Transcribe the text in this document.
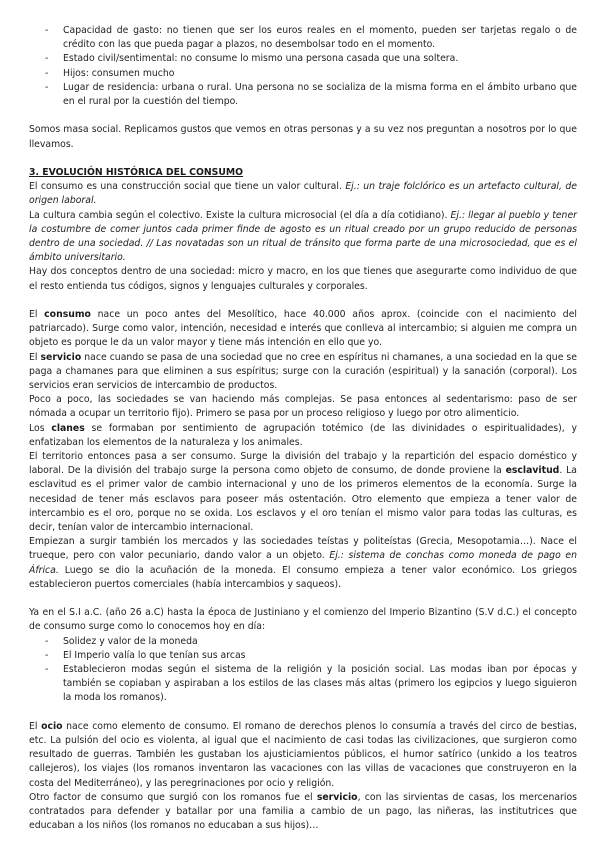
- Capacidad de gasto: no tienen que ser los euros reales en el momento, pueden ser tarjetas regalo o de crédito con las que pueda pagar a plazos, no desembolsar todo en el momento.
- Estado civil/sentimental: no consume lo mismo una persona casada que una soltera.
- Hijos: consumen mucho
- Lugar de residencia: urbana o rural. Una persona no se socializa de la misma forma en el ámbito urbano que en el rural por la cuestión del tiempo.

Somos masa social. Replicamos gustos que vemos en otras personas y a su vez nos preguntan a nosotros por lo que llevamos.

3. EVOLUCIÓN HISTÓRICA DEL CONSUMO

El consumo es una construcción social que tiene un valor cultural. Ej.: un traje folclórico es un artefacto cultural, de origen laboral.

La cultura cambia según el colectivo. Existe la cultura microsocial (el día a día cotidiano). Ej.: llegar al pueblo y tener la costumbre de comer juntos cada primer finde de agosto es un ritual creado por un grupo reducido de personas dentro de una sociedad. // Las novatadas son un ritual de tránsito que forma parte de una microsociedad, que es el ámbito universitario.

Hay dos conceptos dentro de una sociedad: micro y macro, en los que tienes que asegurarte como individuo de que el resto entienda tus códigos, signos y lenguajes culturales y corporales.

El consumo nace un poco antes del Mesolítico, hace 40.000 años aprox. (coincide con el nacimiento del patriarcado). Surge como valor, intención, necesidad e interés que conlleva al intercambio; si alguien me compra un objeto es porque le da un valor mayor y tiene más intención en ello que yo.

El servicio nace cuando se pasa de una sociedad que no cree en espíritus ni chamanes, a una sociedad en la que se paga a chamanes para que eliminen a sus espíritus; surge con la curación (espiritual) y la sanación (corporal). Los servicios eran servicios de intercambio de productos.

Poco a poco, las sociedades se van haciendo más complejas. Se pasa entonces al sedentarismo: paso de ser nómada a ocupar un territorio fijo). Primero se pasa por un proceso religioso y luego por otro alimenticio.

Los clanes se formaban por sentimiento de agrupación totémico (de las divinidades o espiritualidades), y enfatizaban los elementos de la naturaleza y los animales.

El territorio entonces pasa a ser consumo. Surge la división del trabajo y la repartición del espacio doméstico y laboral. De la división del trabajo surge la persona como objeto de consumo, de donde proviene la esclavitud. La esclavitud es el primer valor de cambio internacional y uno de los primeros elementos de la economía. Surge la necesidad de tener más esclavos para poseer más ostentación. Otro elemento que empieza a tener valor de intercambio es el oro, porque no se oxida. Los esclavos y el oro tenían el mismo valor para todas las culturas, es decir, tenían valor de intercambio internacional.

Empiezan a surgir también los mercados y las sociedades teístas y politeístas (Grecia, Mesopotamia…). Nace el trueque, pero con valor pecuniario, dando valor a un objeto. Ej.: sistema de conchas como moneda de pago en África. Luego se dio la acuñación de la moneda. El consumo empieza a tener valor económico. Los griegos establecieron puertos comerciales (había intercambios y saqueos).

Ya en el S.I a.C. (año 26 a.C) hasta la época de Justiniano y el comienzo del Imperio Bizantino (S.V d.C.) el concepto de consumo surge como lo conocemos hoy en día:

- Solidez y valor de la moneda
- El Imperio valía lo que tenían sus arcas
- Establecieron modas según el sistema de la religión y la posición social. Las modas iban por épocas y también se copiaban y aspiraban a los estilos de las clases más altas (primero los egipcios y luego siguieron la moda los romanos).

El ocio nace como elemento de consumo. El romano de derechos plenos lo consumía a través del circo de bestias, etc. La pulsión del ocio es violenta, al igual que el nacimiento de casi todas las civilizaciones, que surgieron como resultado de guerras. También les gustaban los ajusticiamientos públicos, el humor satírico (unkido a los teatros callejeros), los viajes (los romanos inventaron las vacaciones con las villas de vacaciones que construyeron en la costa del Mediterráneo), y las peregrinaciones por ocio y religión.

Otro factor de consumo que surgió con los romanos fue el servicio, con las sirvientas de casas, los mercenarios contratados para defender y batallar por una familia a cambio de un pago, las niñeras, las institutrices que educaban a los niños (los romanos no educaban a sus hijos)…
